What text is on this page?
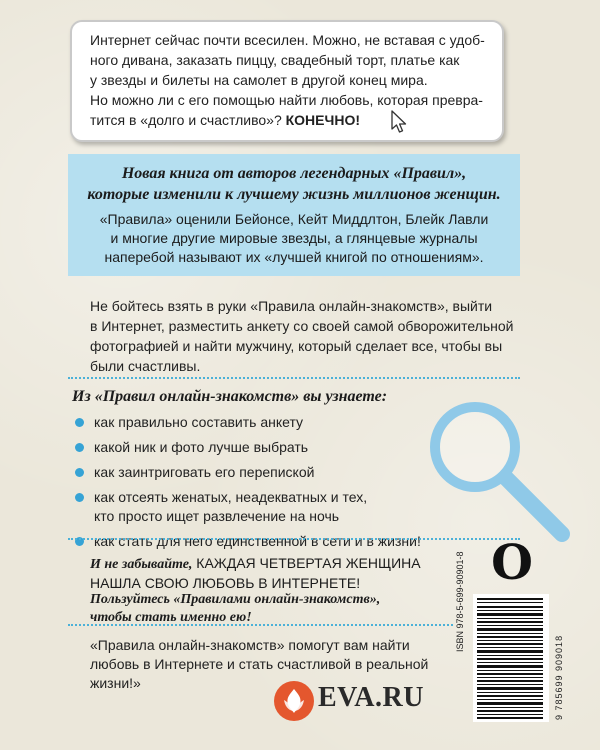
Интернет сейчас почти всесилен. Можно, не вставая с удоб-
ного дивана, заказать пиццу, свадебный торт, платье как
у звезды и билеты на самолет в другой конец мира.
Но можно ли с его помощью найти любовь, которая превра-
тится в «долго и счастливо»? КОНЕЧНО!
Новая книга от авторов легендарных «Правил»,
которые изменили к лучшему жизнь миллионов женщин.
«Правила» оценили Бейонсе, Кейт Миддлтон, Блейк Лавли
и многие другие мировые звезды, а глянцевые журналы
наперебой называют их «лучшей книгой по отношениям».
Не бойтесь взять в руки «Правила онлайн-знакомств», выйти
в Интернет, разместить анкету со своей самой обворожительной
фотографией и найти мужчину, который сделает все, чтобы вы
были счастливы.
Из «Правил онлайн-знакомств» вы узнаете:
как правильно составить анкету
какой ник и фото лучше выбрать
как заинтриговать его перепиской
как отсеять женатых, неадекватных и тех,
кто просто ищет развлечение на ночь
как стать для него единственной в сети и в жизни!
И не забывайте, КАЖДАЯ ЧЕТВЕРТАЯ ЖЕНЩИНА
НАШЛА СВОЮ ЛЮБОВЬ В ИНТЕРНЕТЕ!
Пользуйтесь «Правилами онлайн-знакомств»,
чтобы стать именно ею!
«Правила онлайн-знакомств» помогут вам найти
любовь в Интернете и стать счастливой в реальной
жизни!»
О
ISBN 978-5-699-90901-8
9 785699 909018
EVA.RU
